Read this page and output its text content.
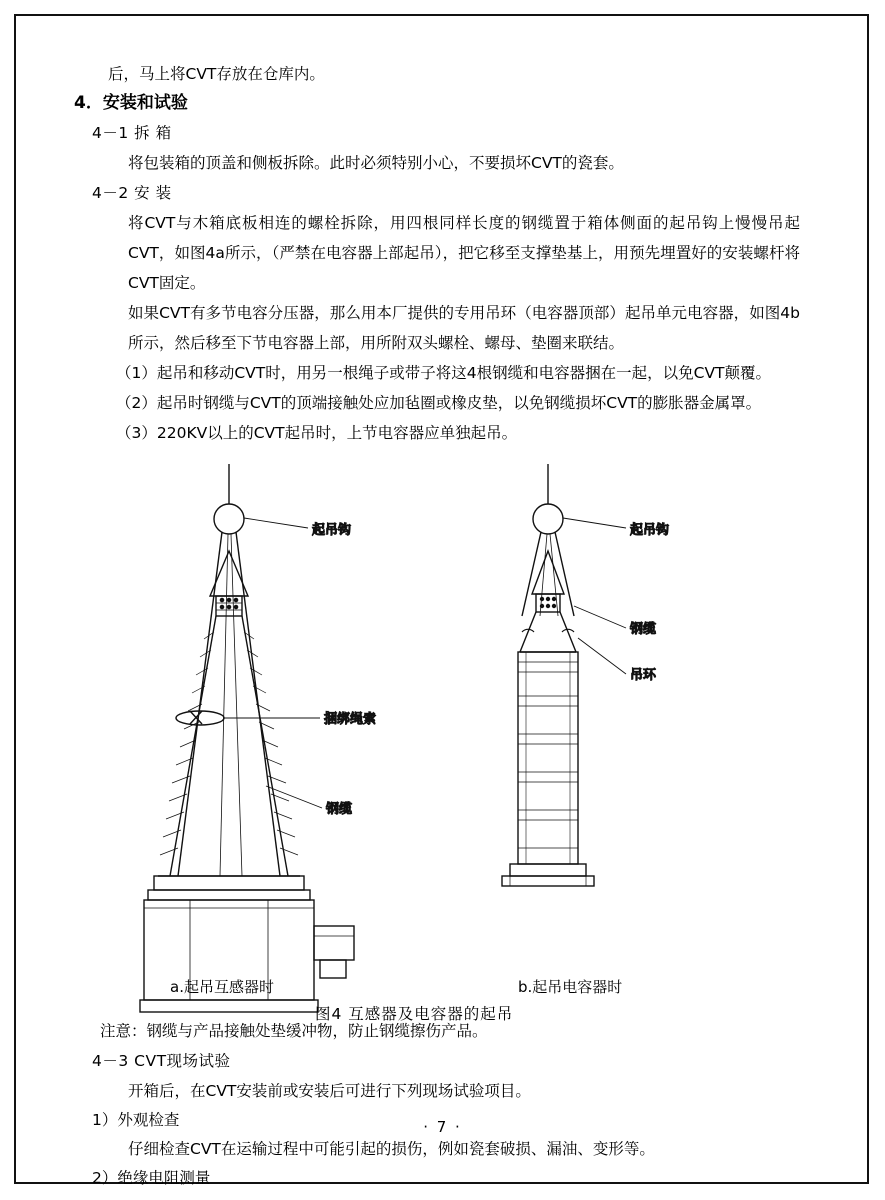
后，马上将CVT存放在仓库内。
4．安装和试验
4－1 拆 箱
将包装箱的顶盖和侧板拆除。此时必须特别小心，不要损坏CVT的瓷套。
4－2 安 装
将CVT与木箱底板相连的螺栓拆除，用四根同样长度的钢缆置于箱体侧面的起吊钩上慢慢吊起CVT，如图4a所示，（严禁在电容器上部起吊），把它移至支撑垫基上，用预先埋置好的安装螺杆将CVT固定。
如果CVT有多节电容分压器，那么用本厂提供的专用吊环（电容器顶部）起吊单元电容器，如图4b所示，然后移至下节电容器上部，用所附双头螺栓、螺母、垫圈来联结。
（1）起吊和移动CVT时，用另一根绳子或带子将这4根钢缆和电容器捆在一起，以免CVT颠覆。
（2）起吊时钢缆与CVT的顶端接触处应加毡圈或橡皮垫，以免钢缆损坏CVT的膨胀器金属罩。
（3）220KV以上的CVT起吊时，上节电容器应单独起吊。
起吊钩
捆绑绳索
钢缆
起吊钩
钢缆
吊环
a.起吊互感器时	b.起吊电容器时
图4 互感器及电容器的起吊
注意：钢缆与产品接触处垫缓冲物，防止钢缆擦伤产品。
4－3 CVT现场试验
开箱后，在CVT安装前或安装后可进行下列现场试验项目。
1）外观检查
仔细检查CVT在运输过程中可能引起的损伤，例如瓷套破损、漏油、变形等。
2）绝缘电阻测量
· 7 ·
